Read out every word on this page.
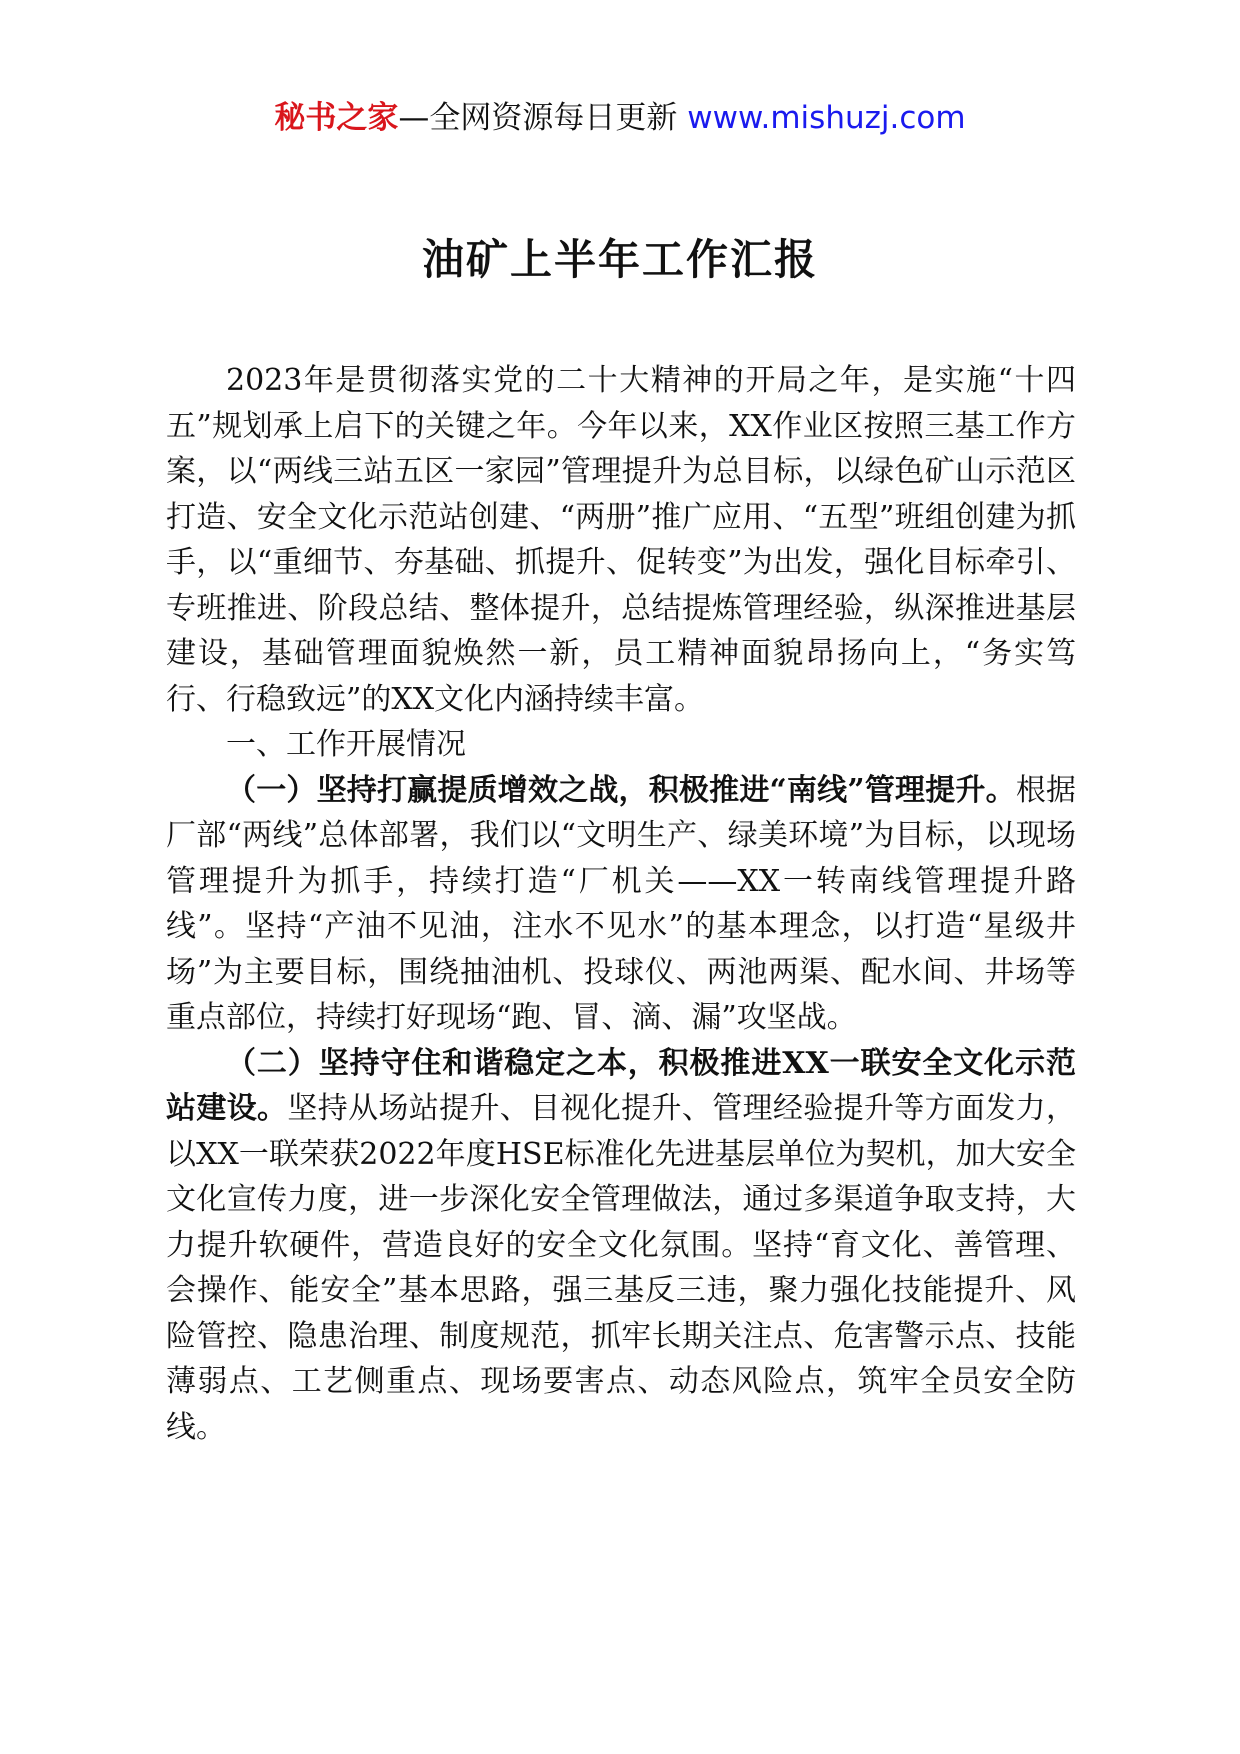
秘书之家—全网资源每日更新 www.mishuzj.com
油矿上半年工作汇报

2023年是贯彻落实党的二十大精神的开局之年，是实施“十四五”规划承上启下的关键之年。今年以来，XX作业区按照三基工作方案，以“两线三站五区一家园”管理提升为总目标，以绿色矿山示范区打造、安全文化示范站创建、“两册”推广应用、“五型”班组创建为抓手，以“重细节、夯基础、抓提升、促转变”为出发，强化目标牵引、专班推进、阶段总结、整体提升，总结提炼管理经验，纵深推进基层建设，基础管理面貌焕然一新，员工精神面貌昂扬向上，“务实笃行、行稳致远”的XX文化内涵持续丰富。

一、工作开展情况

（一）坚持打赢提质增效之战，积极推进“南线”管理提升。根据厂部“两线”总体部署，我们以“文明生产、绿美环境”为目标，以现场管理提升为抓手，持续打造“厂机关——XX一转南线管理提升路线”。坚持“产油不见油，注水不见水”的基本理念，以打造“星级井场”为主要目标，围绕抽油机、投球仪、两池两渠、配水间、井场等重点部位，持续打好现场“跑、冒、滴、漏”攻坚战。

（二）坚持守住和谐稳定之本，积极推进XX一联安全文化示范站建设。坚持从场站提升、目视化提升、管理经验提升等方面发力，以XX一联荣获2022年度HSE标准化先进基层单位为契机，加大安全文化宣传力度，进一步深化安全管理做法，通过多渠道争取支持，大力提升软硬件，营造良好的安全文化氛围。坚持“育文化、善管理、会操作、能安全”基本思路，强三基反三违，聚力强化技能提升、风险管控、隐患治理、制度规范，抓牢长期关注点、危害警示点、技能薄弱点、工艺侧重点、现场要害点、动态风险点，筑牢全员安全防线。
